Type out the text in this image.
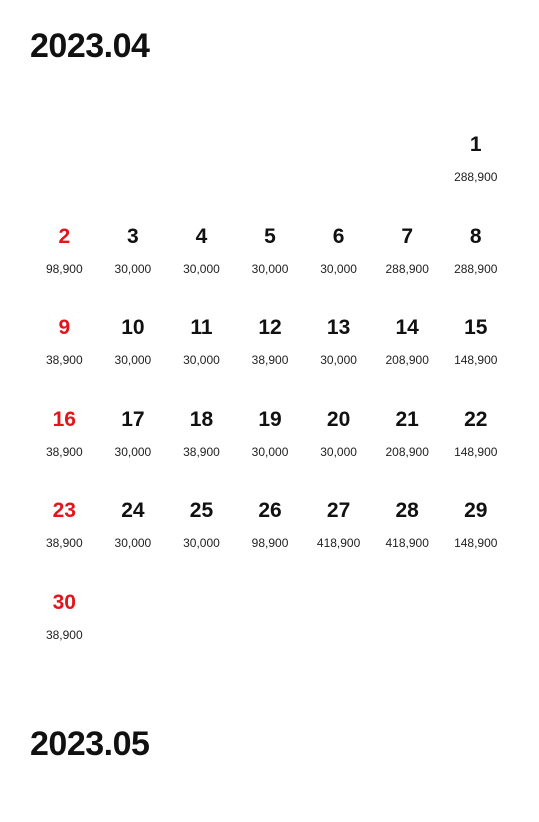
2023.04
1
288,900
2
98,900
3
30,000
4
30,000
5
30,000
6
30,000
7
288,900
8
288,900
9
38,900
10
30,000
11
30,000
12
38,900
13
30,000
14
208,900
15
148,900
16
38,900
17
30,000
18
38,900
19
30,000
20
30,000
21
208,900
22
148,900
23
38,900
24
30,000
25
30,000
26
98,900
27
418,900
28
418,900
29
148,900
30
38,900
2023.05
